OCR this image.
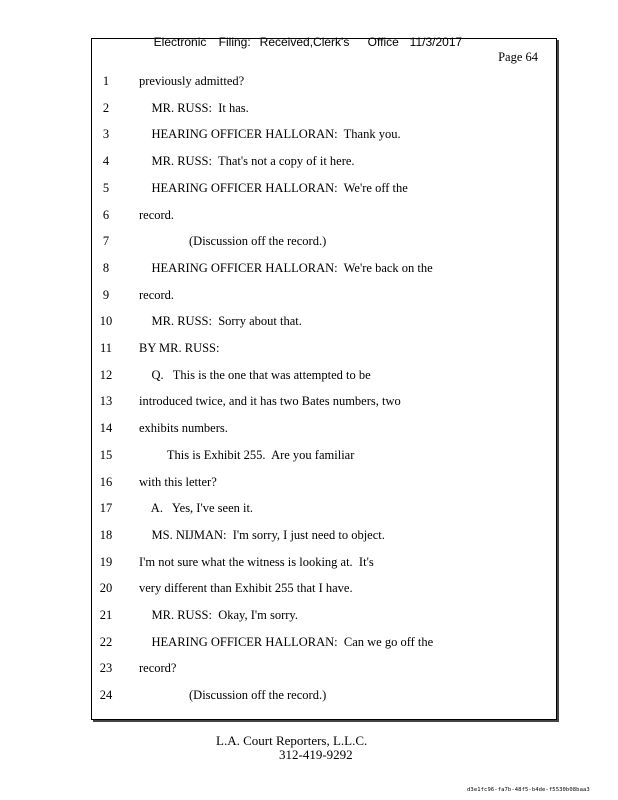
Electronic Filing: Received,Clerk's Office 11/3/2017

Page 64
1	previously admitted?
2	MR. RUSS:  It has.
3	HEARING OFFICER HALLORAN:  Thank you.
4	MR. RUSS:  That's not a copy of it here.
5	HEARING OFFICER HALLORAN:  We're off the
6	record.
7	(Discussion off the record.)
8	HEARING OFFICER HALLORAN:  We're back on the
9	record.
10	MR. RUSS:  Sorry about that.
11	BY MR. RUSS:
12	Q.   This is the one that was attempted to be
13	introduced twice, and it has two Bates numbers, two
14	exhibits numbers.
15	This is Exhibit 255.  Are you familiar
16	with this letter?
17	A.   Yes, I've seen it.
18	MS. NIJMAN:  I'm sorry, I just need to object.
19	I'm not sure what the witness is looking at.  It's
20	very different than Exhibit 255 that I have.
21	MR. RUSS:  Okay, I'm sorry.
22	HEARING OFFICER HALLORAN:  Can we go off the
23	record?
24	(Discussion off the record.)
L.A. Court Reporters, L.L.C.
312-419-9292
d3e1fc96-fa7b-48f5-b4de-f5530b08baa3
